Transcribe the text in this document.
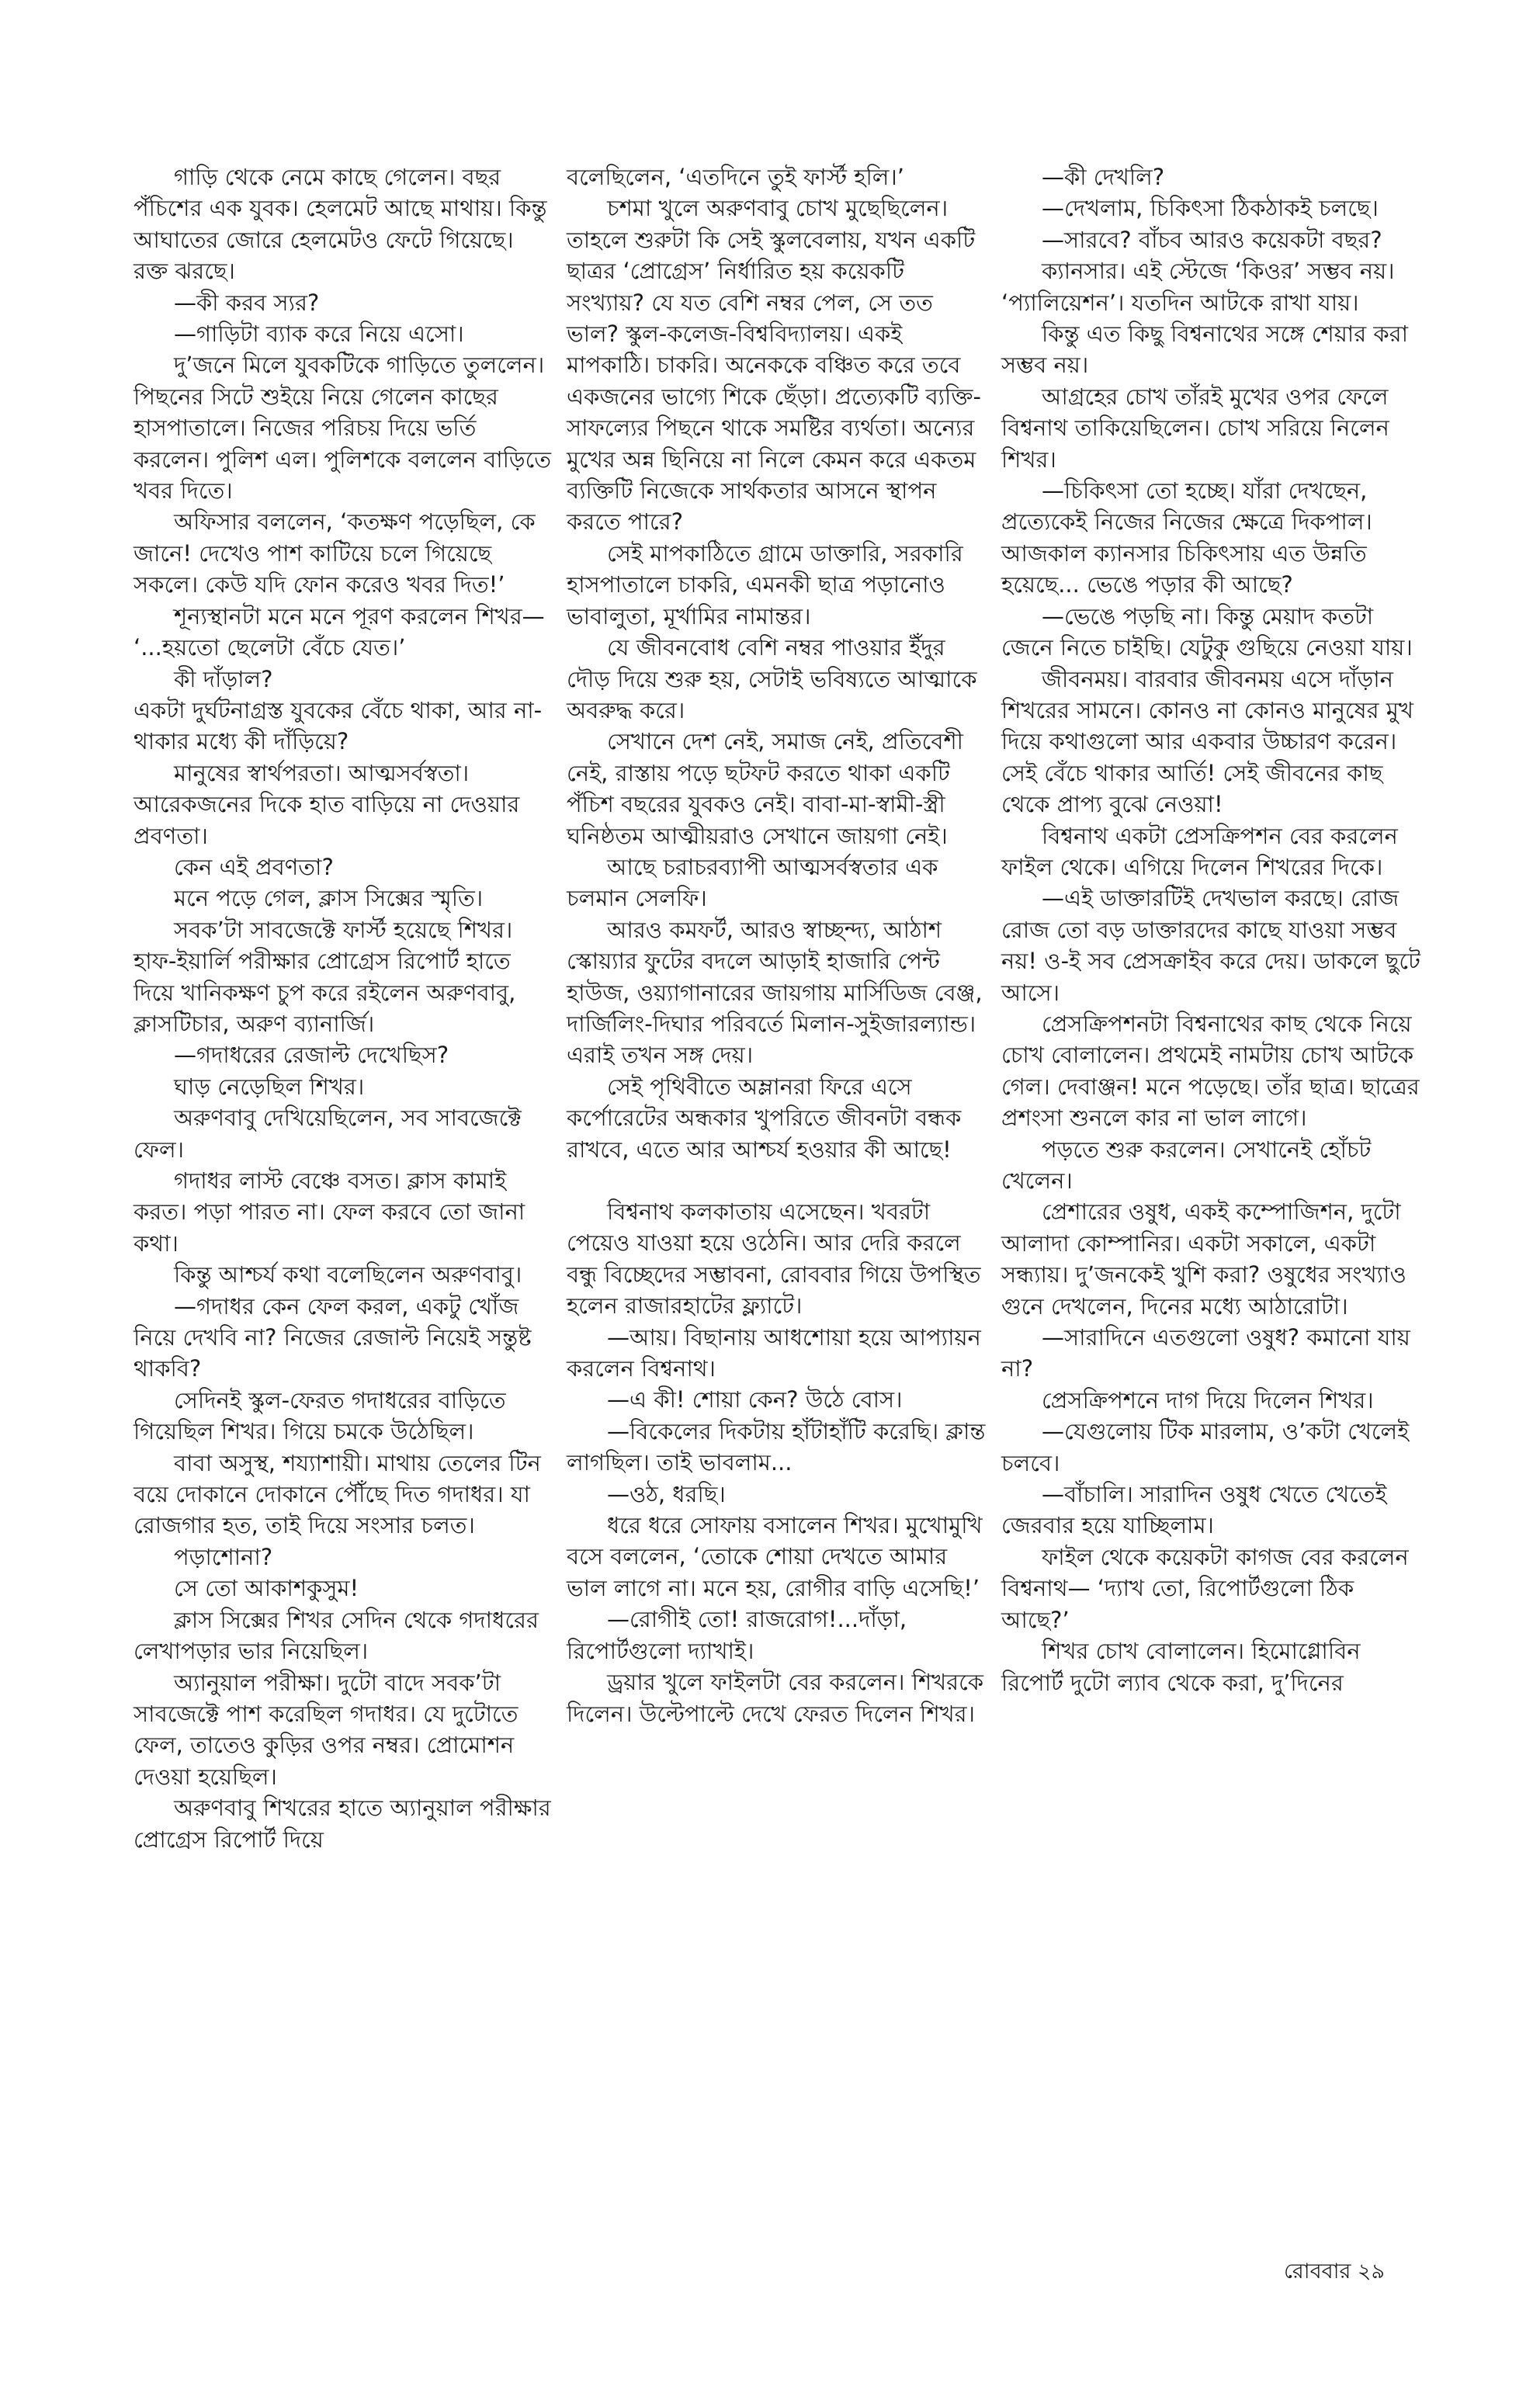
গাড়ি থেকে নেমে কাছে গেলেন। বছর পঁচিশের এক যুবক। হেলমেট আছে মাথায়। কিন্তু আঘাতের জোরে হেলমেটও ফেটে গিয়েছে। রক্ত ঝরছে।

—কী করব স্যর?

—গাড়িটা ব্যাক করে নিয়ে এসো।

দু’জনে মিলে যুবকটিকে গাড়িতে তুললেন। পিছনের সিটে শুইয়ে নিয়ে গেলেন কাছের হাসপাতালে। নিজের পরিচয় দিয়ে ভর্তি করলেন। পুলিশ এল। পুলিশকে বললেন বাড়িতে খবর দিতে।

অফিসার বললেন, ‘কতক্ষণ পড়েছিল, কে জানে! দেখেও পাশ কাটিয়ে চলে গিয়েছে সকলে। কেউ যদি ফোন করেও খবর দিত!’

শূন্যস্থানটা মনে মনে পূরণ করলেন শিখর— ‘...হয়তো ছেলেটা বেঁচে যেত।’

কী দাঁড়াল?

একটা দুর্ঘটনাগ্রস্ত যুবকের বেঁচে থাকা, আর না-থাকার মধ্যে কী দাঁড়িয়ে?

মানুষের স্বার্থপরতা। আত্মসর্বস্বতা। আরেকজনের দিকে হাত বাড়িয়ে না দেওয়ার প্রবণতা।

কেন এই প্রবণতা?

মনে পড়ে গেল, ক্লাস সিক্সের স্মৃতি।

সবক’টা সাবজেক্টে ফার্স্ট হয়েছে শিখর। হাফ-ইয়ার্লি পরীক্ষার প্রোগ্রেস রিপোর্ট হাতে দিয়ে খানিকক্ষণ চুপ করে রইলেন অরুণবাবু, ক্লাসটিচার, অরুণ ব্যানার্জি।

—গদাধরের রেজাল্ট দেখেছিস?

ঘাড় নেড়েছিল শিখর।

অরুণবাবু দেখিয়েছিলেন, সব সাবজেক্টে ফেল।

গদাধর লাস্ট বেঞ্চে বসত। ক্লাস কামাই করত। পড়া পারত না। ফেল করবে তো জানা কথা।

কিন্তু আশ্চর্য কথা বলেছিলেন অরুণবাবু।

—গদাধর কেন ফেল করল, একটু খোঁজ নিয়ে দেখবি না? নিজের রেজাল্ট নিয়েই সন্তুষ্ট থাকবি?

সেদিনই স্কুল-ফেরত গদাধরের বাড়িতে গিয়েছিল শিখর। গিয়ে চমকে উঠেছিল।

বাবা অসুস্থ, শয্যাশায়ী। মাথায় তেলের টিন বয়ে দোকানে দোকানে পৌঁছে দিত গদাধর। যা রোজগার হত, তাই দিয়ে সংসার চলত।

পড়াশোনা?

সে তো আকাশকুসুম!

ক্লাস সিক্সের শিখর সেদিন থেকে গদাধরের লেখাপড়ার ভার নিয়েছিল।

অ্যানুয়াল পরীক্ষা। দুটো বাদে সবক’টা সাবজেক্টে পাশ করেছিল গদাধর। যে দুটোতে ফেল, তাতেও কুড়ির ওপর নম্বর। প্রোমোশন দেওয়া হয়েছিল।

অরুণবাবু শিখরের হাতে অ্যানুয়াল পরীক্ষার প্রোগ্রেস রিপোর্ট দিয়ে

বলেছিলেন, ‘এতদিনে তুই ফার্স্ট হলি।’

চশমা খুলে অরুণবাবু চোখ মুছেছিলেন। তাহলে শুরুটা কি সেই স্কুলবেলায়, যখন একটি ছাত্রর ‘প্রোগ্রেস’ নির্ধারিত হয় কয়েকটি সংখ্যায়? যে যত বেশি নম্বর পেল, সে তত ভাল? স্কুল-কলেজ-বিশ্ববিদ্যালয়। একই মাপকাঠি। চাকরি। অনেককে বঞ্চিত করে তবে একজনের ভাগ্যে শিকে ছেঁড়া। প্রত্যেকটি ব্যক্তি-সাফল্যের পিছনে থাকে সমষ্টির ব্যর্থতা। অন্যের মুখের অন্ন ছিনিয়ে না নিলে কেমন করে একতম ব্যক্তিটি নিজেকে সার্থকতার আসনে স্থাপন করতে পারে?

সেই মাপকাঠিতে গ্রামে ডাক্তারি, সরকারি হাসপাতালে চাকরি, এমনকী ছাত্র পড়ানোও ভাবালুতা, মূর্খামির নামান্তর।

যে জীবনবোধ বেশি নম্বর পাওয়ার ইঁদুর দৌড় দিয়ে শুরু হয়, সেটাই ভবিষ্যতে আত্মাকে অবরুদ্ধ করে।

সেখানে দেশ নেই, সমাজ নেই, প্রতিবেশী নেই, রাস্তায় পড়ে ছটফট করতে থাকা একটি পঁচিশ বছরের যুবকও নেই। বাবা-মা-স্বামী-স্ত্রী ঘনিষ্ঠতম আত্মীয়রাও সেখানে জায়গা নেই।

আছে চরাচরব্যাপী আত্মসর্বস্বতার এক চলমান সেলফি।

আরও কমফর্ট, আরও স্বাচ্ছন্দ্য, আঠাশ স্কোয়্যার ফুটের বদলে আড়াই হাজারি পেন্ট হাউজ, ওয়্যাগানারের জায়গায় মার্সিডিজ বেঞ্জ, দার্জিলিং-দিঘার পরিবর্তে মিলান-সুইজারল্যান্ড। এরাই তখন সঙ্গ দেয়।

সেই পৃথিবীতে অম্লানরা ফিরে এসে কর্পোরেটের অন্ধকার খুপরিতে জীবনটা বন্ধক রাখবে, এতে আর আশ্চর্য হওয়ার কী আছে!

বিশ্বনাথ কলকাতায় এসেছেন। খবরটা পেয়েও যাওয়া হয়ে ওঠেনি। আর দেরি করলে বন্ধু বিচ্ছেদের সম্ভাবনা, রোববার গিয়ে উপস্থিত হলেন রাজারহাটের ফ্ল্যাটে।

—আয়। বিছানায় আধশোয়া হয়ে আপ্যায়ন করলেন বিশ্বনাথ।

—এ কী! শোয়া কেন? উঠে বোস।

—বিকেলের দিকটায় হাঁটাহাঁটি করেছি। ক্লান্ত লাগছিল। তাই ভাবলাম...

—ওঠ, ধরছি।

ধরে ধরে সোফায় বসালেন শিখর। মুখোমুখি বসে বললেন, ‘তোকে শোয়া দেখতে আমার ভাল লাগে না। মনে হয়, রোগীর বাড়ি এসেছি!’

—রোগীই তো! রাজরোগ!...দাঁড়া, রিপোর্টগুলো দ্যাখাই।

ড্রয়ার খুলে ফাইলটা বের করলেন। শিখরকে দিলেন। উল্টেপাল্টে দেখে ফেরত দিলেন শিখর।

—কী দেখলি?

—দেখলাম, চিকিৎসা ঠিকঠাকই চলছে।

—সারবে? বাঁচব আরও কয়েকটা বছর?

ক্যানসার। এই স্টেজে ‘কিওর’ সম্ভব নয়। ‘প্যালিয়েশন’। যতদিন আটকে রাখা যায়।

কিন্তু এত কিছু বিশ্বনাথের সঙ্গে শেয়ার করা সম্ভব নয়।

আগ্রহের চোখ তাঁরই মুখের ওপর ফেলে বিশ্বনাথ তাকিয়েছিলেন। চোখ সরিয়ে নিলেন শিখর।

—চিকিৎসা তো হচ্ছে। যাঁরা দেখছেন, প্রত্যেকেই নিজের নিজের ক্ষেত্রে দিকপাল। আজকাল ক্যানসার চিকিৎসায় এত উন্নতি হয়েছে... ভেঙে পড়ার কী আছে?

—ভেঙে পড়ছি না। কিন্তু মেয়াদ কতটা জেনে নিতে চাইছি। যেটুকু গুছিয়ে নেওয়া যায়।

জীবনময়। বারবার জীবনময় এসে দাঁড়ান শিখরের সামনে। কোনও না কোনও মানুষের মুখ দিয়ে কথাগুলো আর একবার উচ্চারণ করেন। সেই বেঁচে থাকার আর্তি! সেই জীবনের কাছ থেকে প্রাপ্য বুঝে নেওয়া!

বিশ্বনাথ একটা প্রেসক্রিপশন বের করলেন ফাইল থেকে। এগিয়ে দিলেন শিখরের দিকে।

—এই ডাক্তারটিই দেখভাল করছে। রোজ রোজ তো বড় ডাক্তারদের কাছে যাওয়া সম্ভব নয়! ও-ই সব প্রেসক্রাইব করে দেয়। ডাকলে ছুটে আসে।

প্রেসক্রিপশনটা বিশ্বনাথের কাছ থেকে নিয়ে চোখ বোলালেন। প্রথমেই নামটায় চোখ আটকে গেল। দেবাঞ্জন! মনে পড়েছে। তাঁর ছাত্র। ছাত্রের প্রশংসা শুনলে কার না ভাল লাগে।

পড়তে শুরু করলেন। সেখানেই হোঁচট খেলেন।

প্রেশারের ওষুধ, একই কম্পোজিশন, দুটো আলাদা কোম্পানির। একটা সকালে, একটা সন্ধ্যায়। দু’জনকেই খুশি করা? ওষুধের সংখ্যাও গুনে দেখলেন, দিনের মধ্যে আঠারোটা।

—সারাদিনে এতগুলো ওষুধ? কমানো যায় না?

প্রেসক্রিপশনে দাগ দিয়ে দিলেন শিখর।

—যেগুলোয় টিক মারলাম, ও’কটা খেলেই চলবে।

—বাঁচালি। সারাদিন ওষুধ খেতে খেতেই জেরবার হয়ে যাচ্ছিলাম।

ফাইল থেকে কয়েকটা কাগজ বের করলেন বিশ্বনাথ— ‘দ্যাখ তো, রিপোর্টগুলো ঠিক আছে?’

শিখর চোখ বোলালেন। হিমোগ্লোবিন রিপোর্ট দুটো ল্যাব থেকে করা, দু’দিনের

রোববার ২৯
